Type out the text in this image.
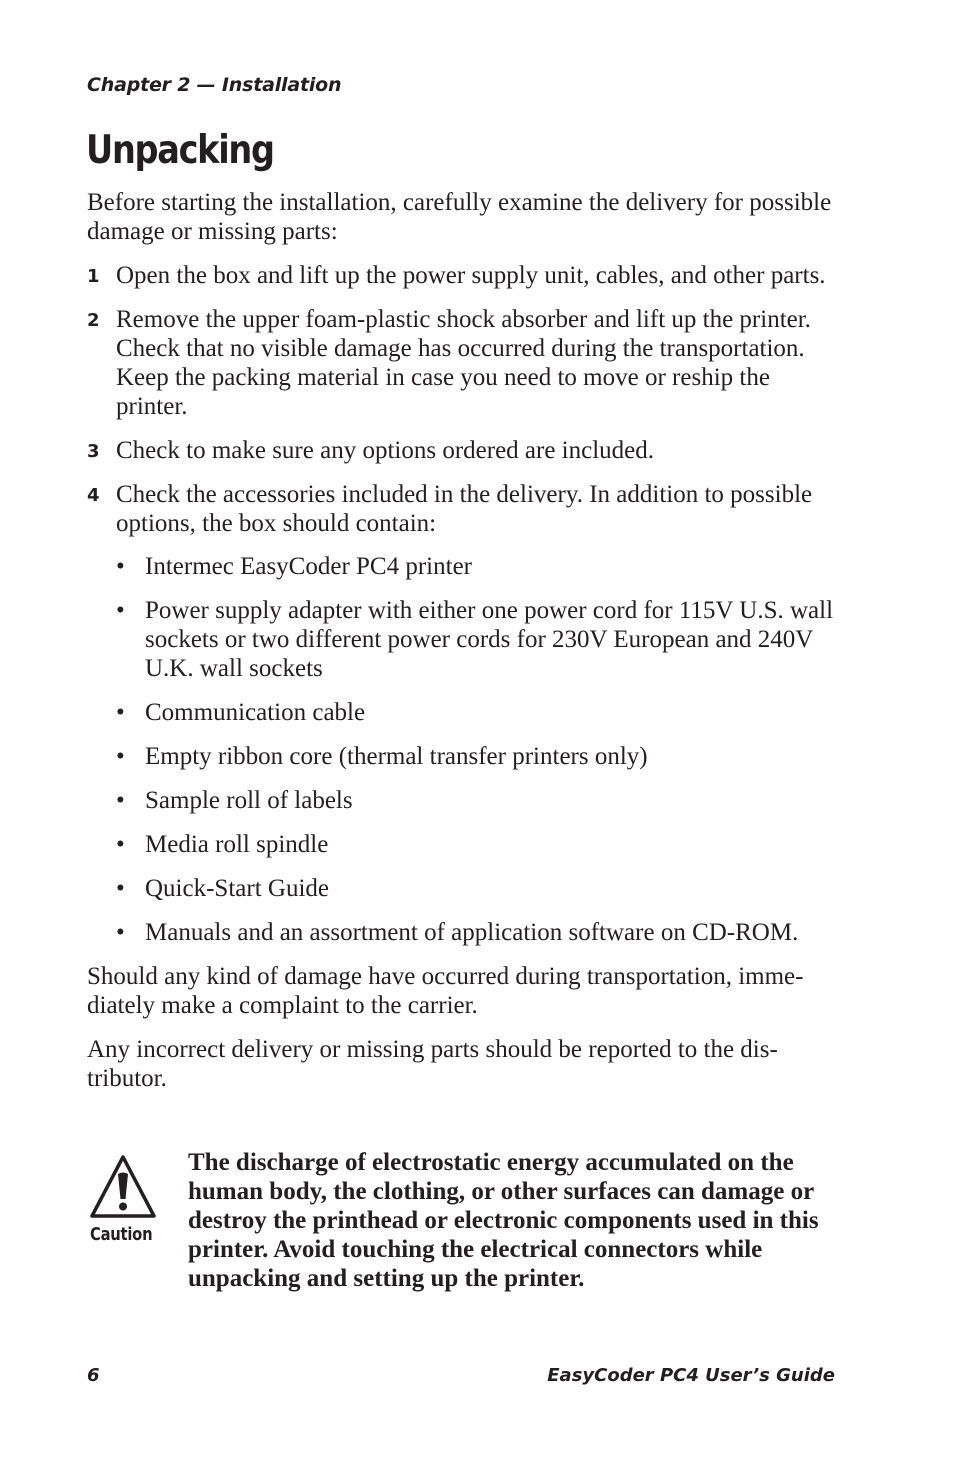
Chapter 2 — Installation
Unpacking

Before starting the installation, carefully examine the delivery for possible damage or missing parts:

1 Open the box and lift up the power supply unit, cables, and other parts.
2 Remove the upper foam-plastic shock absorber and lift up the printer. Check that no visible damage has occurred during the transportation. Keep the packing material in case you need to move or reship the printer.
3 Check to make sure any options ordered are included.
4 Check the accessories included in the delivery. In addition to possible options, the box should contain:
• Intermec EasyCoder PC4 printer
• Power supply adapter with either one power cord for 115V U.S. wall sockets or two different power cords for 230V European and 240V U.K. wall sockets
• Communication cable
• Empty ribbon core (thermal transfer printers only)
• Sample roll of labels
• Media roll spindle
• Quick-Start Guide
• Manuals and an assortment of application software on CD-ROM.

Should any kind of damage have occurred during transportation, imme-diately make a complaint to the carrier.

Any incorrect delivery or missing parts should be reported to the dis-tributor.

Caution
The discharge of electrostatic energy accumulated on the human body, the clothing, or other surfaces can damage or destroy the printhead or electronic components used in this printer. Avoid touching the electrical connectors while unpacking and setting up the printer.
6	EasyCoder PC4 User’s Guide
